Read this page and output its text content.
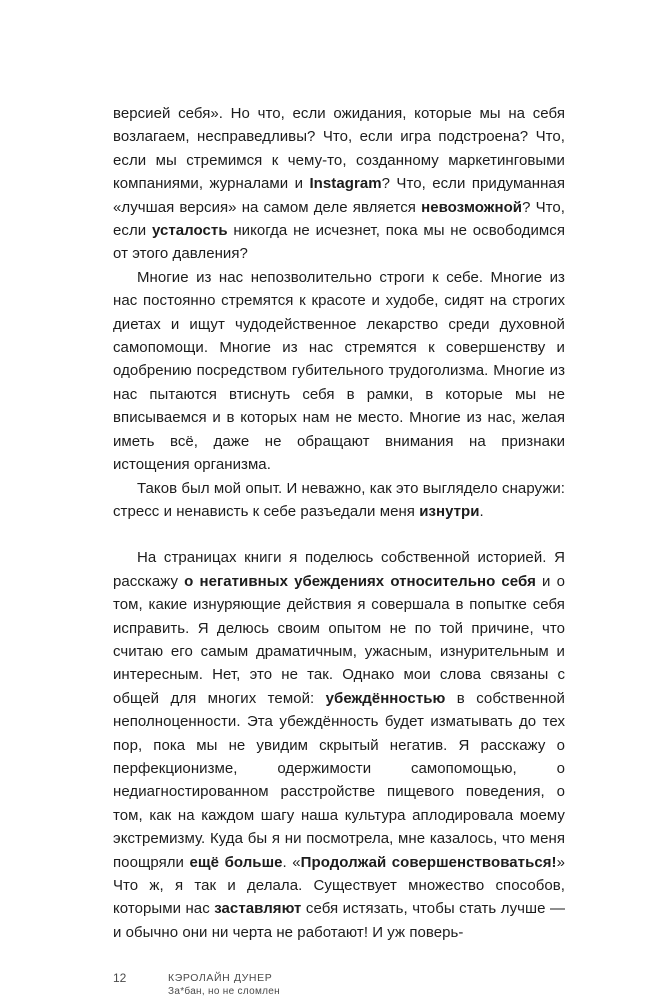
версией себя». Но что, если ожидания, которые мы на себя возлагаем, несправедливы? Что, если игра подстроена? Что, если мы стремимся к чему-то, созданному маркетинговыми компаниями, журналами и Instagram? Что, если придуманная «лучшая версия» на самом деле является невозможной? Что, если усталость никогда не исчезнет, пока мы не освободимся от этого давления?

Многие из нас непозволительно строги к себе. Многие из нас постоянно стремятся к красоте и худобе, сидят на строгих диетах и ищут чудодейственное лекарство среди духовной самопомощи. Многие из нас стремятся к совершенству и одобрению посредством губительного трудоголизма. Многие из нас пытаются втиснуть себя в рамки, в которые мы не вписываемся и в которых нам не место. Многие из нас, желая иметь всё, даже не обращают внимания на признаки истощения организма.

Таков был мой опыт. И неважно, как это выглядело снаружи: стресс и ненависть к себе разъедали меня изнутри.

На страницах книги я поделюсь собственной историей. Я расскажу о негативных убеждениях относительно себя и о том, какие изнуряющие действия я совершала в попытке себя исправить. Я делюсь своим опытом не по той причине, что считаю его самым драматичным, ужасным, изнурительным и интересным. Нет, это не так. Однако мои слова связаны с общей для многих темой: убеждённостью в собственной неполноценности. Эта убеждённость будет изматывать до тех пор, пока мы не увидим скрытый негатив. Я расскажу о перфекционизме, одержимости самопомощью, о недиагностированном расстройстве пищевого поведения, о том, как на каждом шагу наша культура аплодировала моему экстремизму. Куда бы я ни посмотрела, мне казалось, что меня поощряли ещё больше. «Продолжай совершенствоваться!» Что ж, я так и делала. Существует множество способов, которыми нас заставляют себя истязать, чтобы стать лучше — и обычно они ни черта не работают! И уж поверь-

12	КЭРОЛАЙН ДУНЕР
За*бан, но не сломлен
